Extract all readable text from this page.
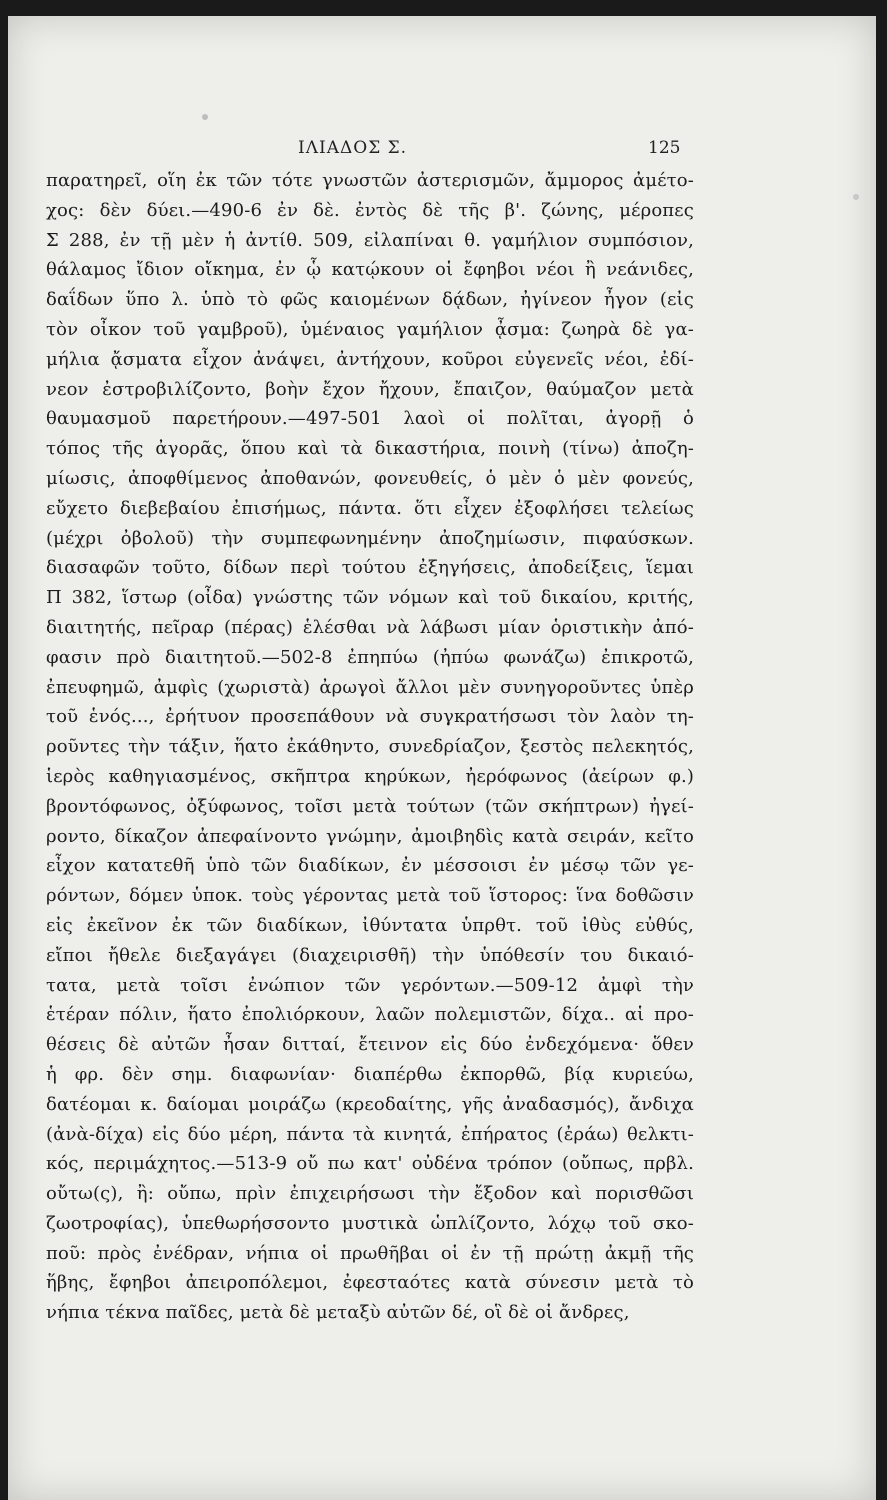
ΙΛΙΑΔΟΣ Σ.	125
παρατηρεῖ, οἵη ἐκ τῶν τότε γνωστῶν ἀστερισμῶν, ἄμμορος ἀμέτο-
χος: δὲν δύει.—490-6 ἐν δὲ. ἐντὸς δὲ τῆς β'. ζώνης, μέροπες
Σ 288, ἐν τῇ μὲν ἡ ἀντίθ. 509, εἰλαπίναι θ. γαμήλιον συμπόσιον,
θάλαμος ἴδιον οἴκημα, ἐν ᾧ κατῴκουν οἱ ἔφηβοι νέοι ἢ νεάνιδες,
δαΐδων ὕπο λ. ὑπὸ τὸ φῶς καιομένων δᾴδων, ἠγίνεον ἦγον (εἰς
τὸν οἶκον τοῦ γαμβροῦ), ὑμέναιος γαμήλιον ᾆσμα: ζωηρὰ δὲ γα-
μήλια ᾄσματα εἶχον ἀνάψει, ἀντήχουν, κοῦροι εὐγενεῖς νέοι, ἐδί-
νεον ἐστροβιλίζοντο, βοὴν ἔχον ἤχουν, ἔπαιζον, θαύμαζον μετὰ
θαυμασμοῦ παρετήρουν.—497-501 λαοὶ οἱ πολῖται, ἀγορῇ ὁ
τόπος τῆς ἀγορᾶς, ὅπου καὶ τὰ δικαστήρια, ποινὴ (τίνω) ἀποζη-
μίωσις, ἀποφθίμενος ἀποθανών, φονευθείς, ὁ μὲν ὁ μὲν φονεύς,
εὔχετο διεβεβαίου ἐπισήμως, πάντα. ὅτι εἶχεν ἐξοφλήσει τελείως
(μέχρι ὀβολοῦ) τὴν συμπεφωνημένην ἀποζημίωσιν, πιφαύσκων.
διασαφῶν τοῦτο, δίδων περὶ τούτου ἐξηγήσεις, ἀποδείξεις, ἵεμαι
Π 382, ἵστωρ (οἶδα) γνώστης τῶν νόμων καὶ τοῦ δικαίου, κριτής,
διαιτητής, πεῖραρ (πέρας) ἑλέσθαι νὰ λάβωσι μίαν ὁριστικὴν ἀπό-
φασιν πρὸ διαιτητοῦ.—502-8 ἐπηπύω (ἠπύω φωνάζω) ἐπικροτῶ,
ἐπευφημῶ, ἀμφὶς (χωριστὰ) ἀρωγοὶ ἄλλοι μὲν συνηγοροῦντες ὑπὲρ
τοῦ ἑνός..., ἐρήτυον προσεπάθουν νὰ συγκρατήσωσι τὸν λαὸν τη-
ροῦντες τὴν τάξιν, ἥατο ἐκάθηντο, συνεδρίαζον, ξεστὸς πελεκητός,
ἱερὸς καθηγιασμένος, σκῆπτρα κηρύκων, ἠερόφωνος (ἀείρων φ.)
βροντόφωνος, ὀξύφωνος, τοῖσι μετὰ τούτων (τῶν σκήπτρων) ἠγεί-
ροντο, δίκαζον ἀπεφαίνοντο γνώμην, ἀμοιβηδὶς κατὰ σειράν, κεῖτο
εἶχον κατατεθῆ ὑπὸ τῶν διαδίκων, ἐν μέσσοισι ἐν μέσῳ τῶν γε-
ρόντων, δόμεν ὑποκ. τοὺς γέροντας μετὰ τοῦ ἵστορος: ἵνα δοθῶσιν
εἰς ἐκεῖνον ἐκ τῶν διαδίκων, ἰθύντατα ὑπρθτ. τοῦ ἰθὺς εὐθύς,
εἴποι ἤθελε διεξαγάγει (διαχειρισθῆ) τὴν ὑπόθεσίν του δικαιό-
τατα, μετὰ τοῖσι ἐνώπιον τῶν γερόντων.—509-12 ἀμφὶ τὴν
ἑτέραν πόλιν, ἥατο ἐπολιόρκουν, λαῶν πολεμιστῶν, δίχα.. αἱ προ-
θέσεις δὲ αὐτῶν ἦσαν διτταί, ἔτεινον εἰς δύο ἐνδεχόμενα· ὅθεν
ἡ φρ. δὲν σημ. διαφωνίαν· διαπέρθω ἐκπορθῶ, βίᾳ κυριεύω,
δατέομαι κ. δαίομαι μοιράζω (κρεοδαίτης, γῆς ἀναδασμός), ἄνδιχα
(ἀνὰ-δίχα) εἰς δύο μέρη, πάντα τὰ κινητά, ἐπήρατος (ἐράω) θελκτι-
κός, περιμάχητος.—513-9 οὔ πω κατ' οὐδένα τρόπον (οὔπως, πρβλ.
οὔτω(ς), ἢ: οὔπω, πρὶν ἐπιχειρήσωσι τὴν ἔξοδον καὶ πορισθῶσι
ζωοτροφίας), ὑπεθωρήσσοντο μυστικὰ ὡπλίζοντο, λόχῳ τοῦ σκο-
ποῦ: πρὸς ἐνέδραν, νήπια οἱ πρωθῆβαι οἱ ἐν τῇ πρώτῃ ἀκμῇ τῆς
ἥβης, ἔφηβοι ἀπειροπόλεμοι, ἐφεσταότες κατὰ σύνεσιν μετὰ τὸ
νήπια τέκνα παῖδες, μετὰ δὲ μεταξὺ αὐτῶν δέ, οἳ δὲ οἱ ἄνδρες,
